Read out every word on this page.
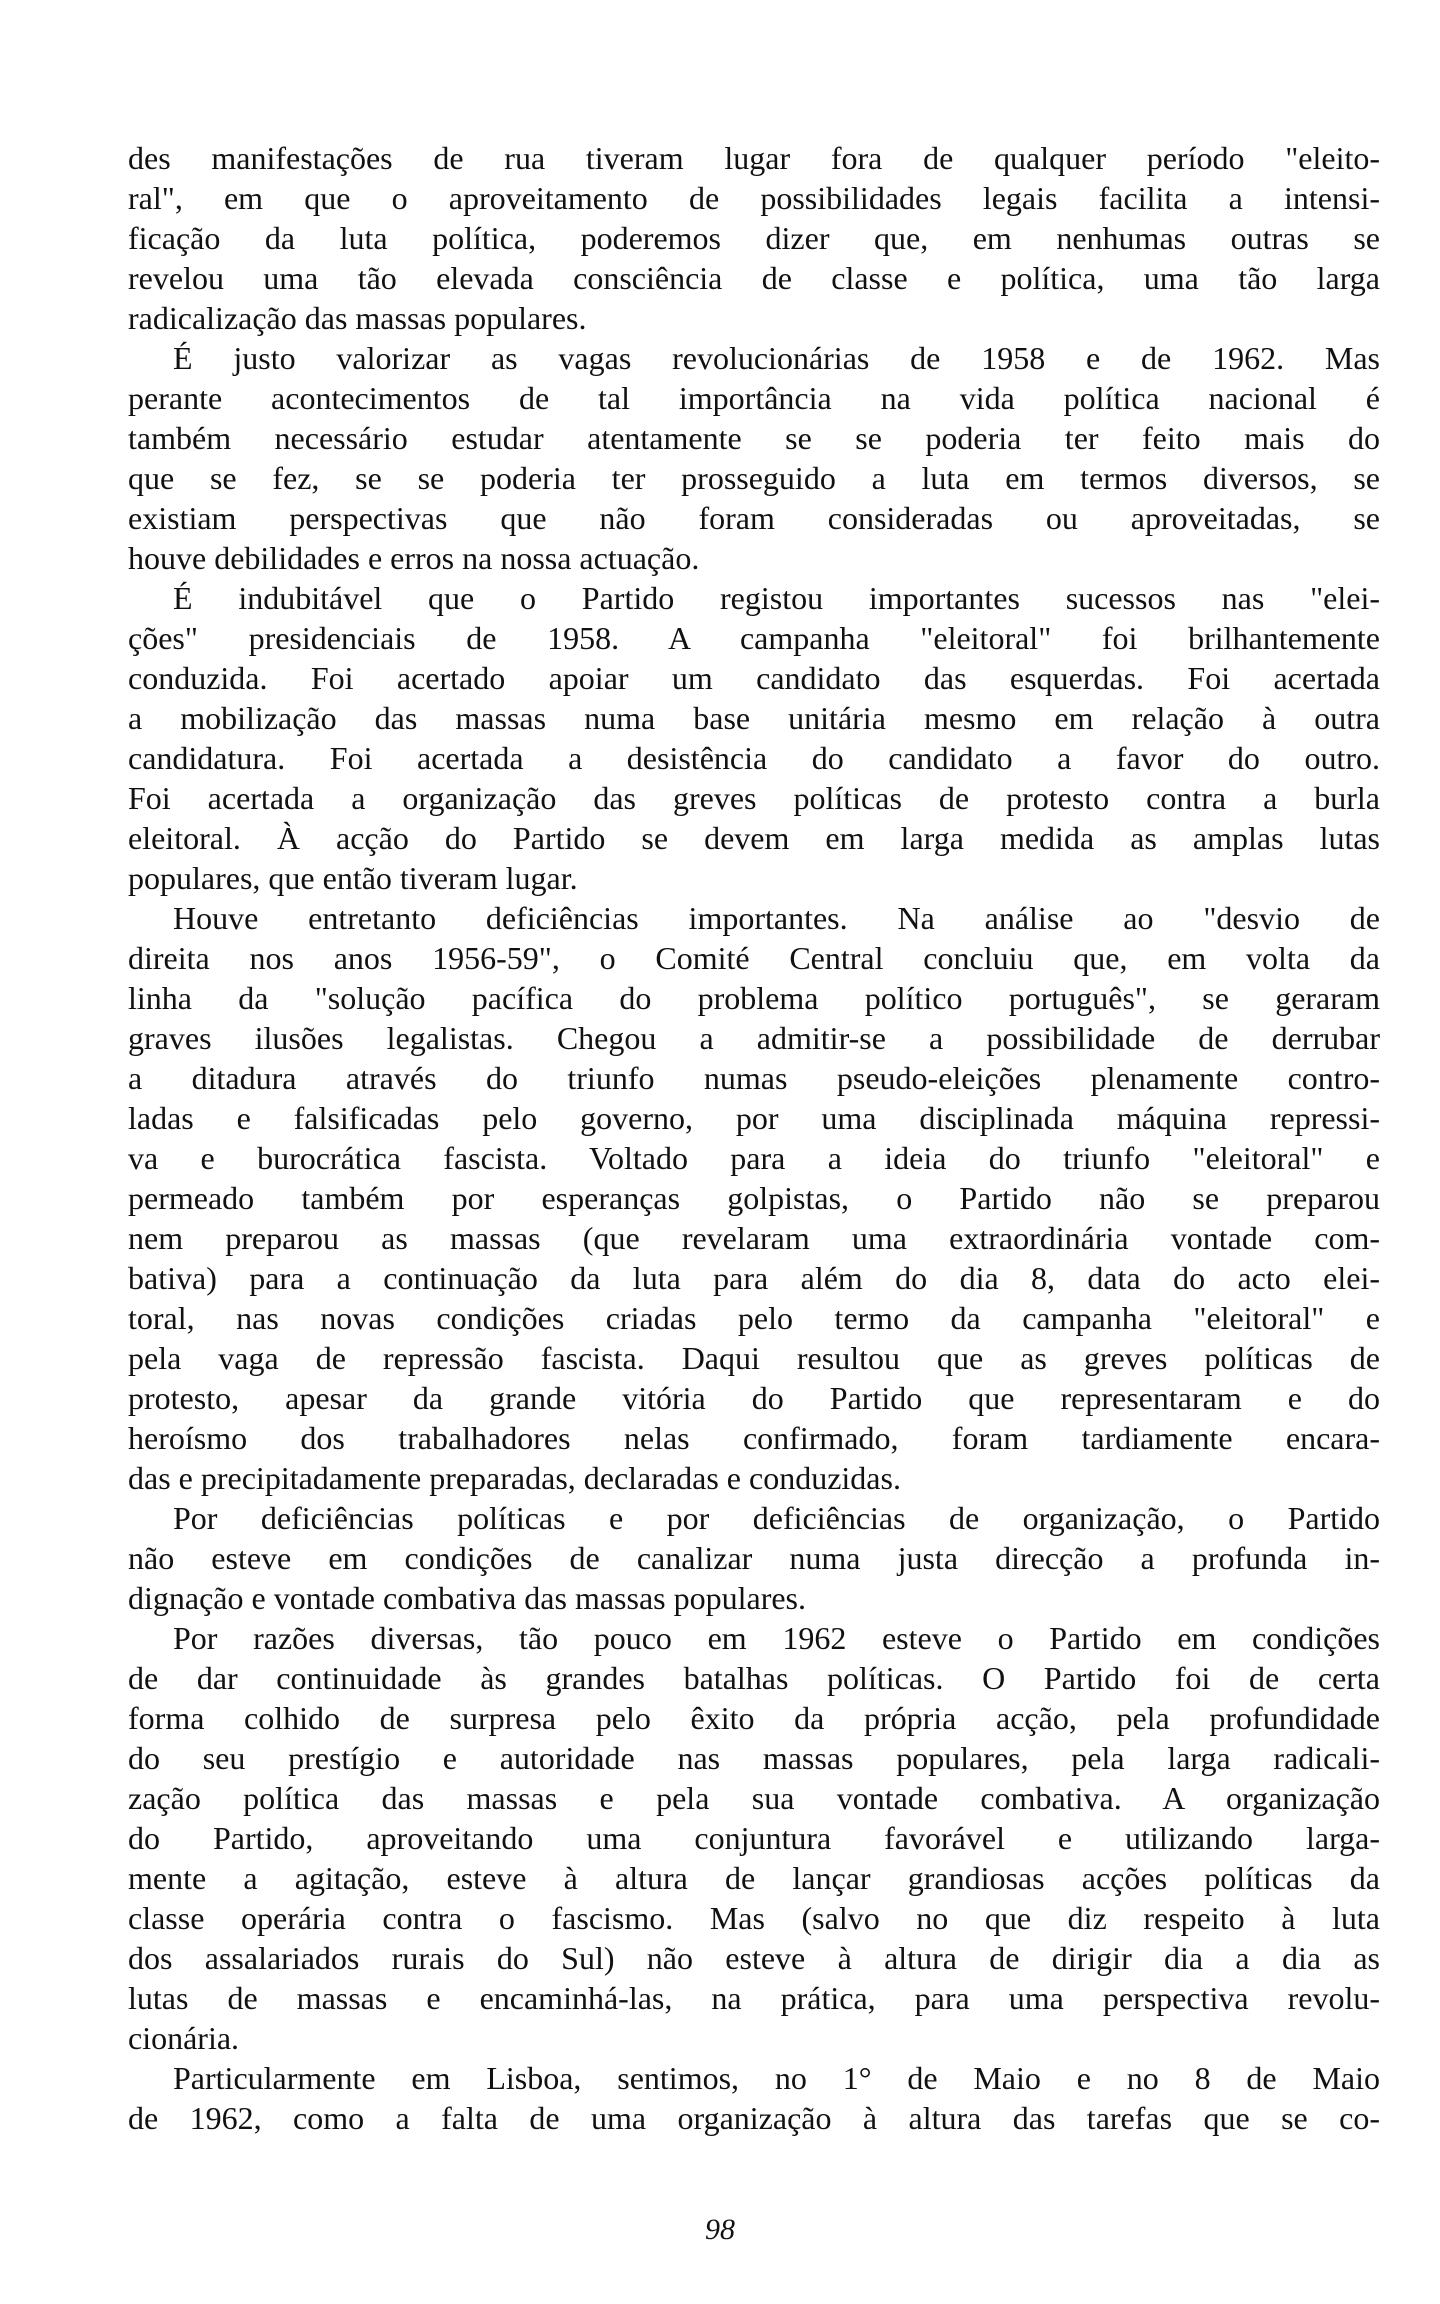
des manifestações de rua tiveram lugar fora de qualquer período "eleito-
ral", em que o aproveitamento de possibilidades legais facilita a intensi-
ficação da luta política, poderemos dizer que, em nenhumas outras se
revelou uma tão elevada consciência de classe e política, uma tão larga
radicalização das massas populares.
É justo valorizar as vagas revolucionárias de 1958 e de 1962. Mas
perante acontecimentos de tal importância na vida política nacional é
também necessário estudar atentamente se se poderia ter feito mais do
que se fez, se se poderia ter prosseguido a luta em termos diversos, se
existiam perspectivas que não foram consideradas ou aproveitadas, se
houve debilidades e erros na nossa actuação.
É indubitável que o Partido registou importantes sucessos nas "elei-
ções" presidenciais de 1958. A campanha "eleitoral" foi brilhantemente
conduzida. Foi acertado apoiar um candidato das esquerdas. Foi acertada
a mobilização das massas numa base unitária mesmo em relação à outra
candidatura. Foi acertada a desistência do candidato a favor do outro.
Foi acertada a organização das greves políticas de protesto contra a burla
eleitoral. À acção do Partido se devem em larga medida as amplas lutas
populares, que então tiveram lugar.
Houve entretanto deficiências importantes. Na análise ao "desvio de
direita nos anos 1956-59", o Comité Central concluiu que, em volta da
linha da "solução pacífica do problema político português", se geraram
graves ilusões legalistas. Chegou a admitir-se a possibilidade de derrubar
a ditadura através do triunfo numas pseudo-eleições plenamente contro-
ladas e falsificadas pelo governo, por uma disciplinada máquina repressi-
va e burocrática fascista. Voltado para a ideia do triunfo "eleitoral" e
permeado também por esperanças golpistas, o Partido não se preparou
nem preparou as massas (que revelaram uma extraordinária vontade com-
bativa) para a continuação da luta para além do dia 8, data do acto elei-
toral, nas novas condições criadas pelo termo da campanha "eleitoral" e
pela vaga de repressão fascista. Daqui resultou que as greves políticas de
protesto, apesar da grande vitória do Partido que representaram e do
heroísmo dos trabalhadores nelas confirmado, foram tardiamente encara-
das e precipitadamente preparadas, declaradas e conduzidas.
Por deficiências políticas e por deficiências de organização, o Partido
não esteve em condições de canalizar numa justa direcção a profunda in-
dignação e vontade combativa das massas populares.
Por razões diversas, tão pouco em 1962 esteve o Partido em condições
de dar continuidade às grandes batalhas políticas. O Partido foi de certa
forma colhido de surpresa pelo êxito da própria acção, pela profundidade
do seu prestígio e autoridade nas massas populares, pela larga radicali-
zação política das massas e pela sua vontade combativa. A organização
do Partido, aproveitando uma conjuntura favorável e utilizando larga-
mente a agitação, esteve à altura de lançar grandiosas acções políticas da
classe operária contra o fascismo. Mas (salvo no que diz respeito à luta
dos assalariados rurais do Sul) não esteve à altura de dirigir dia a dia as
lutas de massas e encaminhá-las, na prática, para uma perspectiva revolu-
cionária.
Particularmente em Lisboa, sentimos, no 1° de Maio e no 8 de Maio
de 1962, como a falta de uma organização à altura das tarefas que se co-
98
